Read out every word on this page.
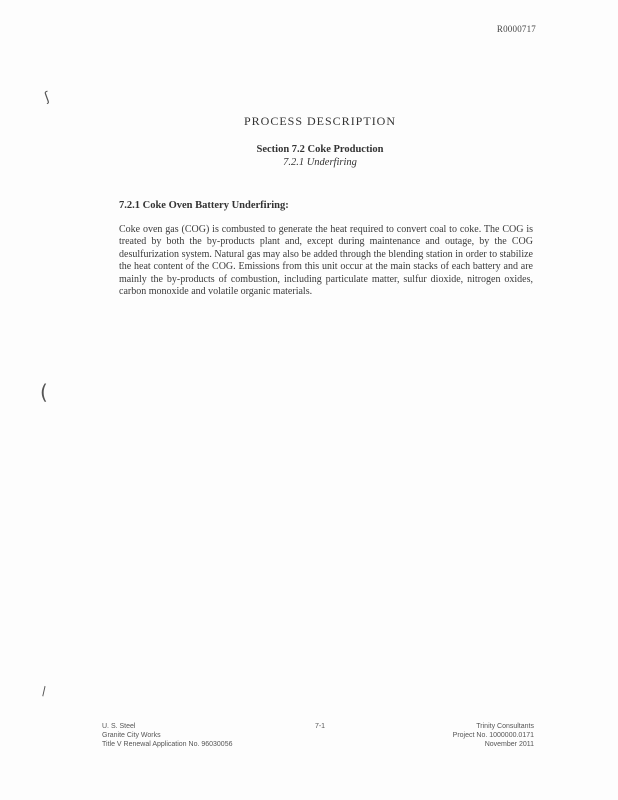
R0000717
ʃ
(
\
PROCESS DESCRIPTION
Section 7.2 Coke Production
7.2.1 Underfiring
7.2.1 Coke Oven Battery Underfiring:
Coke oven gas (COG) is combusted to generate the heat required to convert coal to coke. The COG is treated by both the by-products plant and, except during maintenance and outage, by the COG desulfurization system. Natural gas may also be added through the blending station in order to stabilize the heat content of the COG. Emissions from this unit occur at the main stacks of each battery and are mainly the by-products of combustion, including particulate matter, sulfur dioxide, nitrogen oxides, carbon monoxide and volatile organic materials.
U. S. Steel
Granite City Works
Title V Renewal Application No. 96030056
7-1	Trinity Consultants
Project No. 1000000.0171
November 2011
